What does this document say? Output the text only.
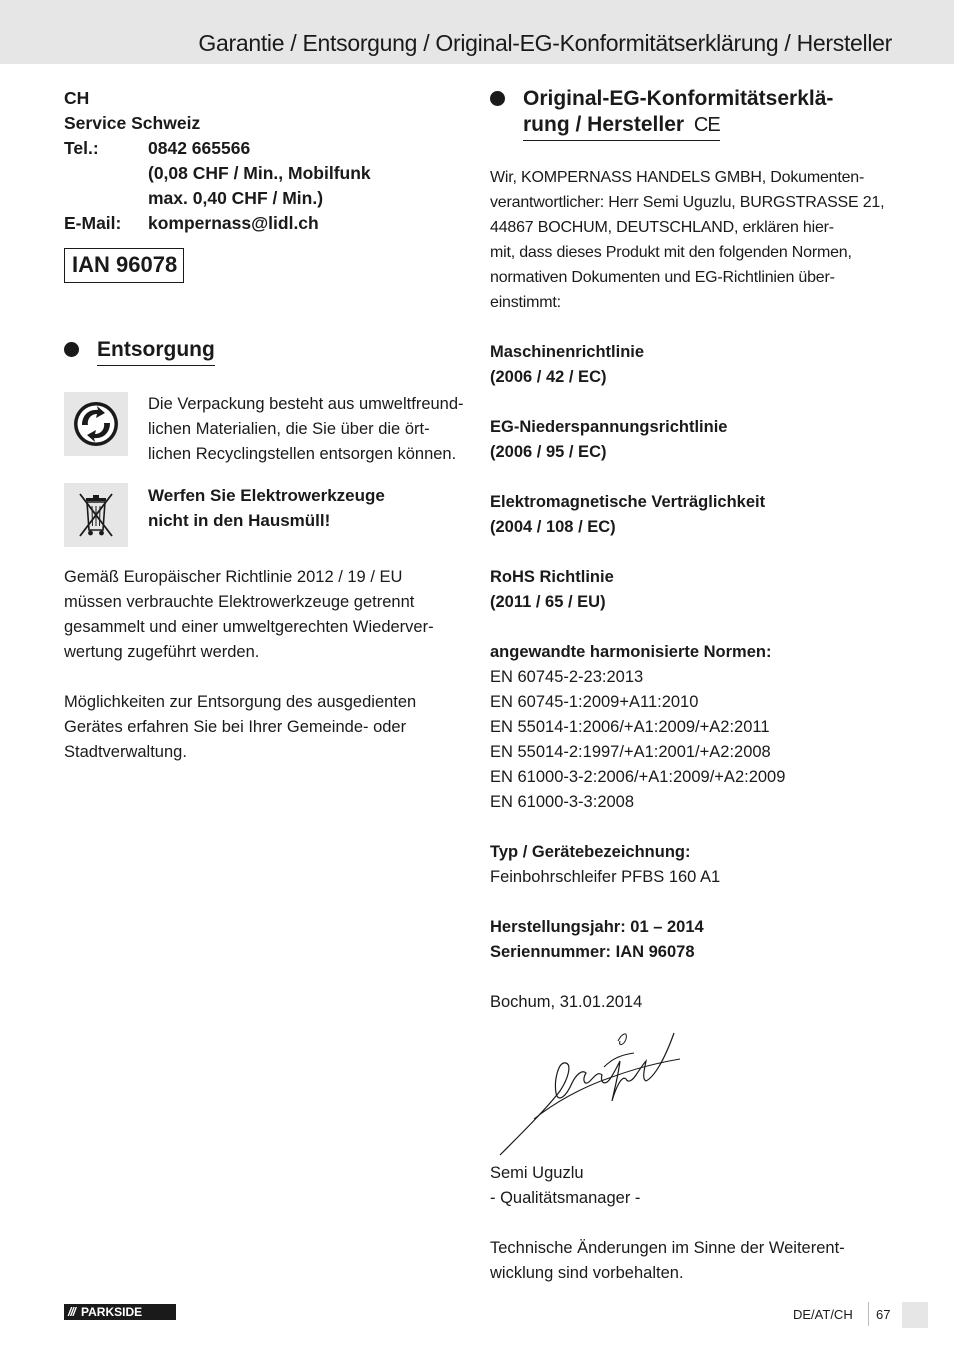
Garantie / Entsorgung / Original-EG-Konformitätserklärung / Hersteller
CH
Service Schweiz
Tel.:	0842 665566
(0,08 CHF / Min., Mobilfunk
max. 0,40 CHF / Min.)
E-Mail:	kompernass@lidl.ch
IAN 96078
Entsorgung
Die Verpackung besteht aus umweltfreund-
lichen Materialien, die Sie über die ört-
lichen Recyclingstellen entsorgen können.
Werfen Sie Elektrowerkzeuge
nicht in den Hausmüll!
Gemäß Europäischer Richtlinie 2012 / 19 / EU
müssen verbrauchte Elektrowerkzeuge getrennt
gesammelt und einer umweltgerechten Wiederver-
wertung zugeführt werden.
Möglichkeiten zur Entsorgung des ausgedienten
Gerätes erfahren Sie bei Ihrer Gemeinde- oder
Stadtverwaltung.
Original-EG-Konformitätserklä-
rung / Hersteller CE
Wir, KOMPERNASS HANDELS GMBH, Dokumenten-
verantwortlicher: Herr Semi Uguzlu, BURGSTRASSE 21,
44867 BOCHUM, DEUTSCHLAND, erklären hier-
mit, dass dieses Produkt mit den folgenden Normen,
normativen Dokumenten und EG-Richtlinien über-
einstimmt:
Maschinenrichtlinie
(2006 / 42 / EC)
EG-Niederspannungsrichtlinie
(2006 / 95 / EC)
Elektromagnetische Verträglichkeit
(2004 / 108 / EC)
RoHS Richtlinie
(2011 / 65 / EU)
angewandte harmonisierte Normen:
EN 60745-2-23:2013
EN 60745-1:2009+A11:2010
EN 55014-1:2006/+A1:2009/+A2:2011
EN 55014-2:1997/+A1:2001/+A2:2008
EN 61000-3-2:2006/+A1:2009/+A2:2009
EN 61000-3-3:2008
Typ / Gerätebezeichnung:
Feinbohrschleifer PFBS 160 A1
Herstellungsjahr: 01 – 2014
Seriennummer: IAN 96078
Bochum, 31.01.2014
Semi Uguzlu
- Qualitätsmanager -
Technische Änderungen im Sinne der Weiterent-
wicklung sind vorbehalten.
/// PARKSIDE	DE/AT/CH 67
